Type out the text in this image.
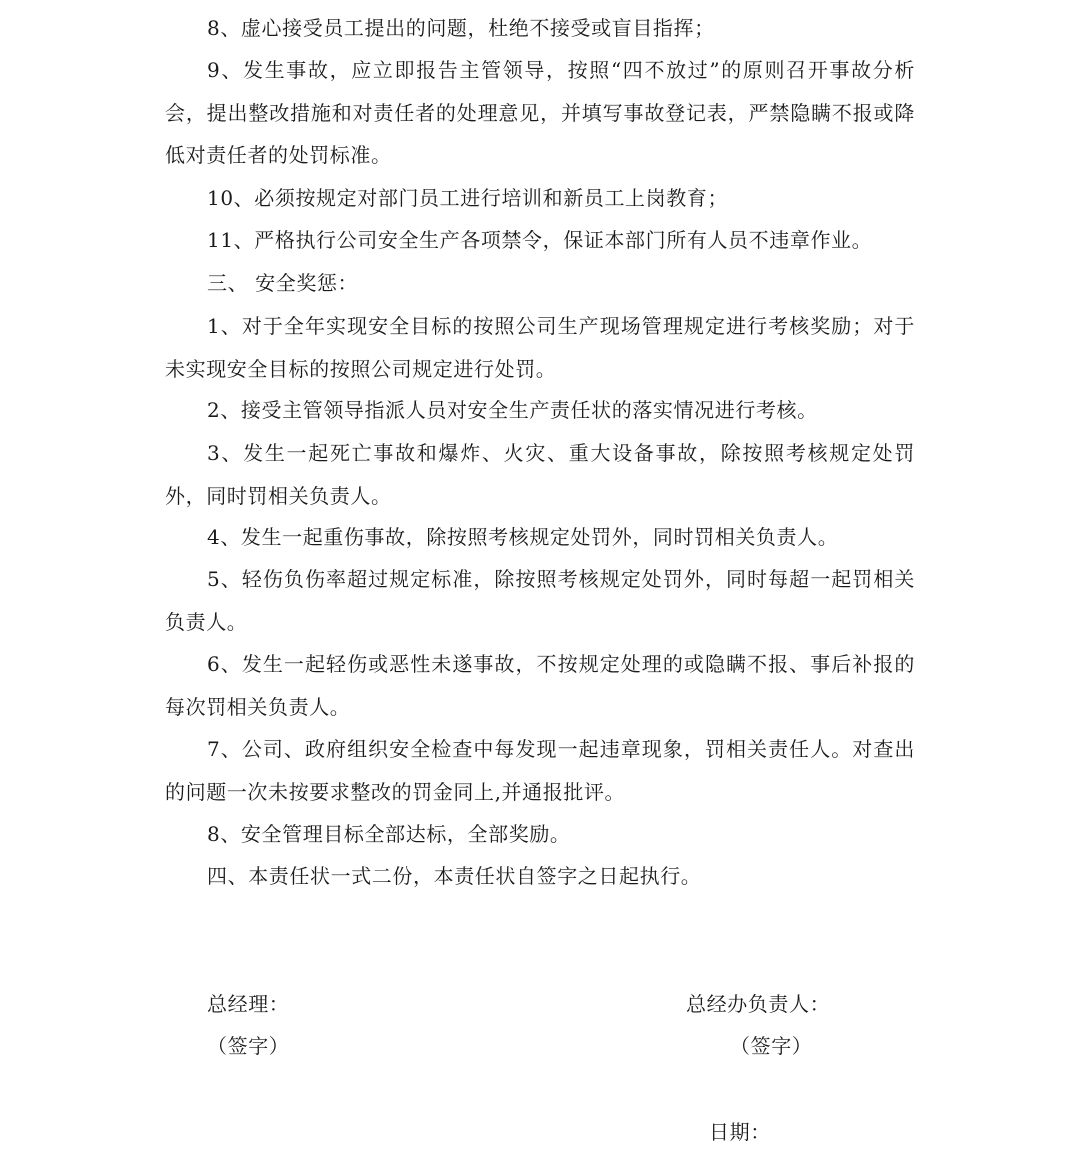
8、虚心接受员工提出的问题，杜绝不接受或盲目指挥；

9、发生事故，应立即报告主管领导，按照“四不放过”的原则召开事故分析会，提出整改措施和对责任者的处理意见，并填写事故登记表，严禁隐瞒不报或降低对责任者的处罚标准。

10、必须按规定对部门员工进行培训和新员工上岗教育；

11、严格执行公司安全生产各项禁令，保证本部门所有人员不违章作业。

三、 安全奖惩：

1、对于全年实现安全目标的按照公司生产现场管理规定进行考核奖励；对于未实现安全目标的按照公司规定进行处罚。

2、接受主管领导指派人员对安全生产责任状的落实情况进行考核。

3、发生一起死亡事故和爆炸、火灾、重大设备事故，除按照考核规定处罚外，同时罚相关负责人。

4、发生一起重伤事故，除按照考核规定处罚外，同时罚相关负责人。

5、轻伤负伤率超过规定标准，除按照考核规定处罚外，同时每超一起罚相关负责人。

6、发生一起轻伤或恶性未遂事故，不按规定处理的或隐瞒不报、事后补报的每次罚相关负责人。

7、公司、政府组织安全检查中每发现一起违章现象，罚相关责任人。对查出的问题一次未按要求整改的罚金同上,并通报批评。

8、安全管理目标全部达标，全部奖励。

四、本责任状一式二份，本责任状自签字之日起执行。

总经理：
（签字）
总经办负责人：
（签字）
日期：
